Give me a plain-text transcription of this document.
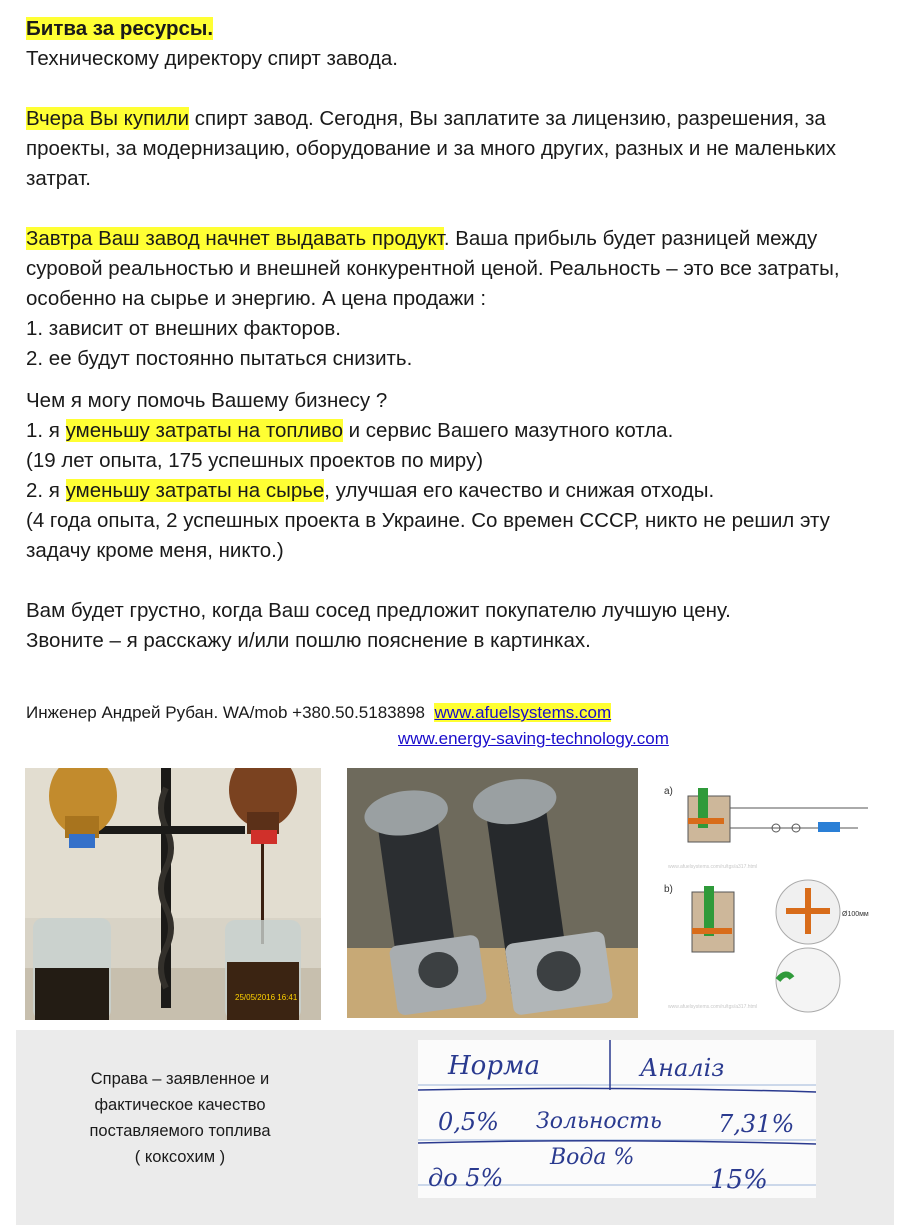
Битва за ресурсы.

Техническому директору спирт завода.

Вчера Вы купили спирт завод. Сегодня, Вы заплатите за лицензию, разрешения, за проекты, за модернизацию, оборудование и за много других, разных и не маленьких затрат.

Завтра Ваш завод начнет выдавать продукт. Ваша прибыль будет разницей между суровой реальностью и внешней конкурентной ценой. Реальность – это все затраты, особенно на сырье и энергию. А цена продажи :

1. зависит от внешних факторов.

2. ее будут постоянно пытаться снизить.

Чем я могу помочь Вашему бизнесу ?

1. я уменьшу затраты на топливо и сервис Вашего мазутного котла.

(19 лет опыта, 175 успешных проектов по миру)

2. я уменьшу затраты на сырье, улучшая его качество и снижая отходы.

(4 года опыта, 2 успешных проекта в Украине. Со времен СССР, никто не решил эту задачу кроме меня, никто.)

Вам будет грустно, когда Ваш сосед предложит покупателю лучшую цену.

Звоните – я расскажу и/или пошлю пояснение в картинках.

Инженер Андрей Рубан. WA/mob +380.50.5183898 www.afuelsystems.com
www.energy-saving-technology.com
25/05/2016 16:41
a)
www.afuelsystems.com/ru/tgs/a317.html
b)
Ø100мм
www.afuelsystems.com/ru/tgs/a317.html
Справа – заявленное и
фактическое качество
поставляемого топлива
( коксохим )
Норма	Аналіз
0,5% Зольность 7,31%
до 5%
Вода %
15%
